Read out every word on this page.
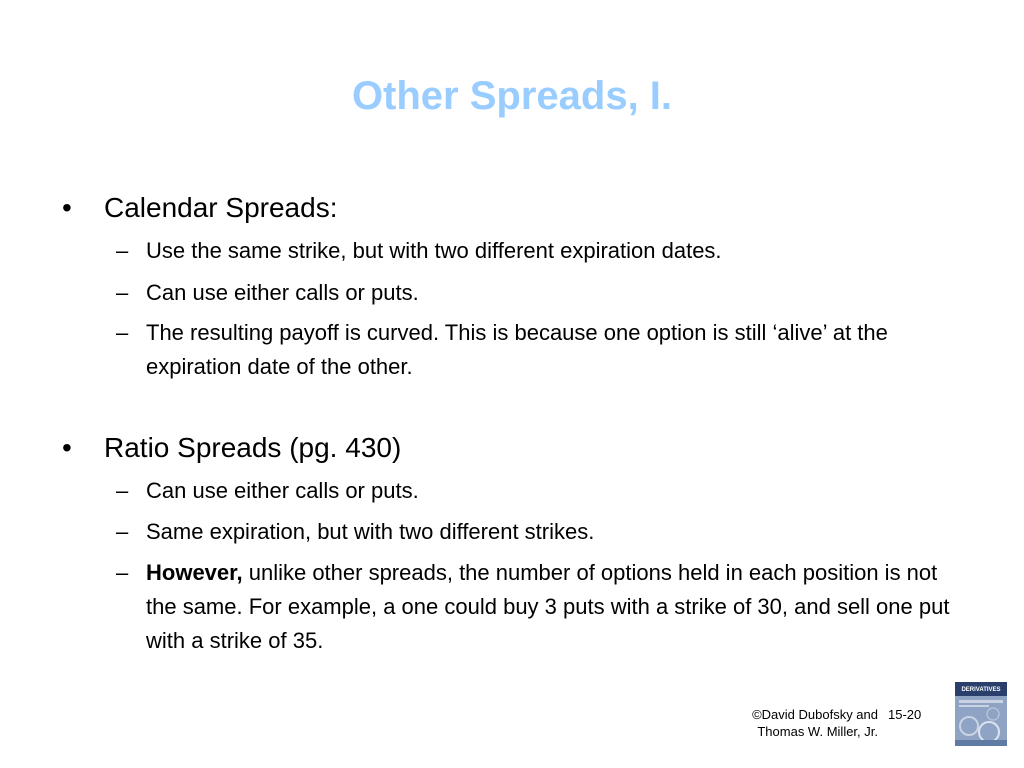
Other Spreads, I.
• Calendar Spreads:
– Use the same strike, but with two different expiration dates.
– Can use either calls or puts.
– The resulting payoff is curved. This is because one option is still ‘alive’ at the expiration date of the other.
• Ratio Spreads (pg. 430)
– Can use either calls or puts.
– Same expiration, but with two different strikes.
– However, unlike other spreads, the number of options held in each position is not the same. For example, a one could buy 3 puts with a strike of 30, and sell one put with a strike of 35.
©David Dubofsky and
Thomas W. Miller, Jr.
15-20
DERIVATIVES
